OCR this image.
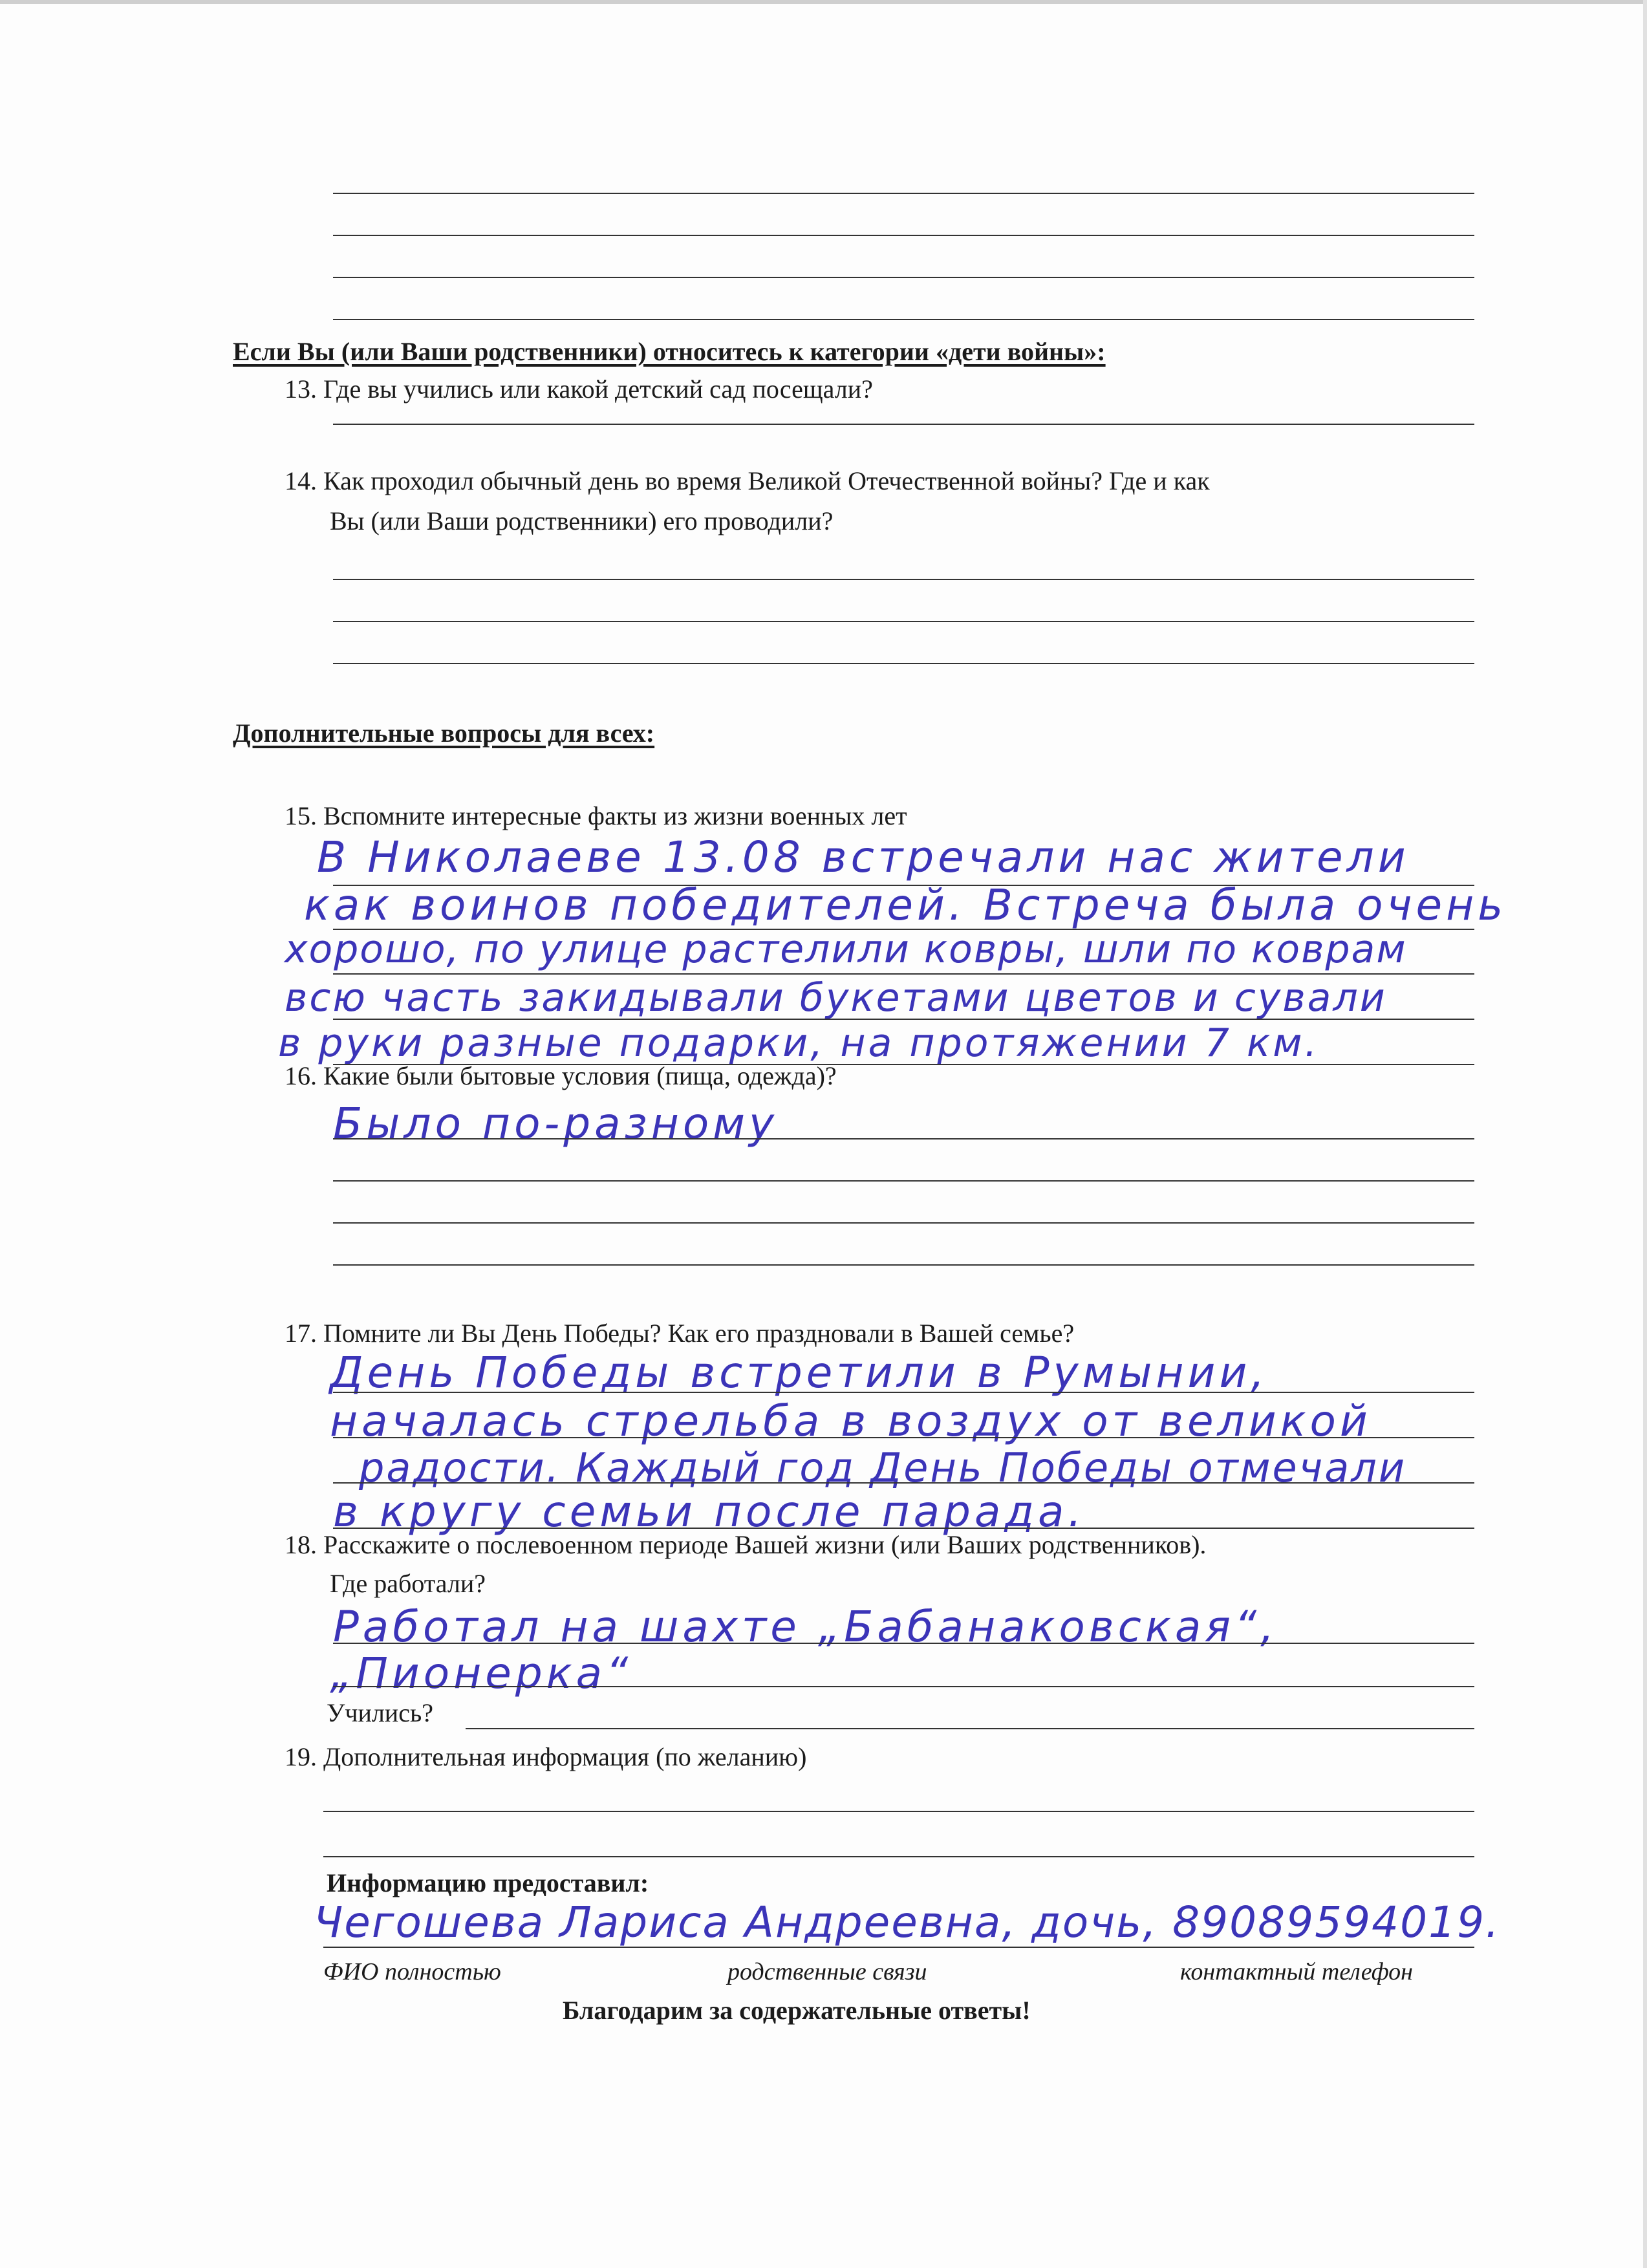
Если Вы (или Ваши родственники) относитесь к категории «дети войны»:
13. Где вы учились или какой детский сад посещали?
14. Как проходил обычный день во время Великой Отечественной войны? Где и как
Вы (или Ваши родственники) его проводили?
Дополнительные вопросы для всех:
15. Вспомните интересные факты из жизни военных лет
В Николаеве 13.08 встречали нас жители
как воинов победителей. Встреча была очень
хорошо, по улице растелили ковры, шли по коврам
всю часть закидывали букетами цветов и сували
в руки разные подарки, на протяжении 7 км.
16. Какие были бытовые условия (пища, одежда)?
Было по-разному
17. Помните ли Вы День Победы? Как его праздновали в Вашей семье?
День Победы встретили в Румынии,
началась стрельба в воздух от великой
радости. Каждый год День Победы отмечали
в кругу семьи после парада.
18. Расскажите о послевоенном периоде Вашей жизни (или Ваших родственников).
Где работали?
Работал на шахте „Бабанаковская“,
„Пионерка“
Учились?
19. Дополнительная информация (по желанию)
Информацию предоставил:
Чегошева Лариса Андреевна, дочь, 89089594019.
ФИО полностью	родственные связи	контактный телефон
Благодарим за содержательные ответы!
